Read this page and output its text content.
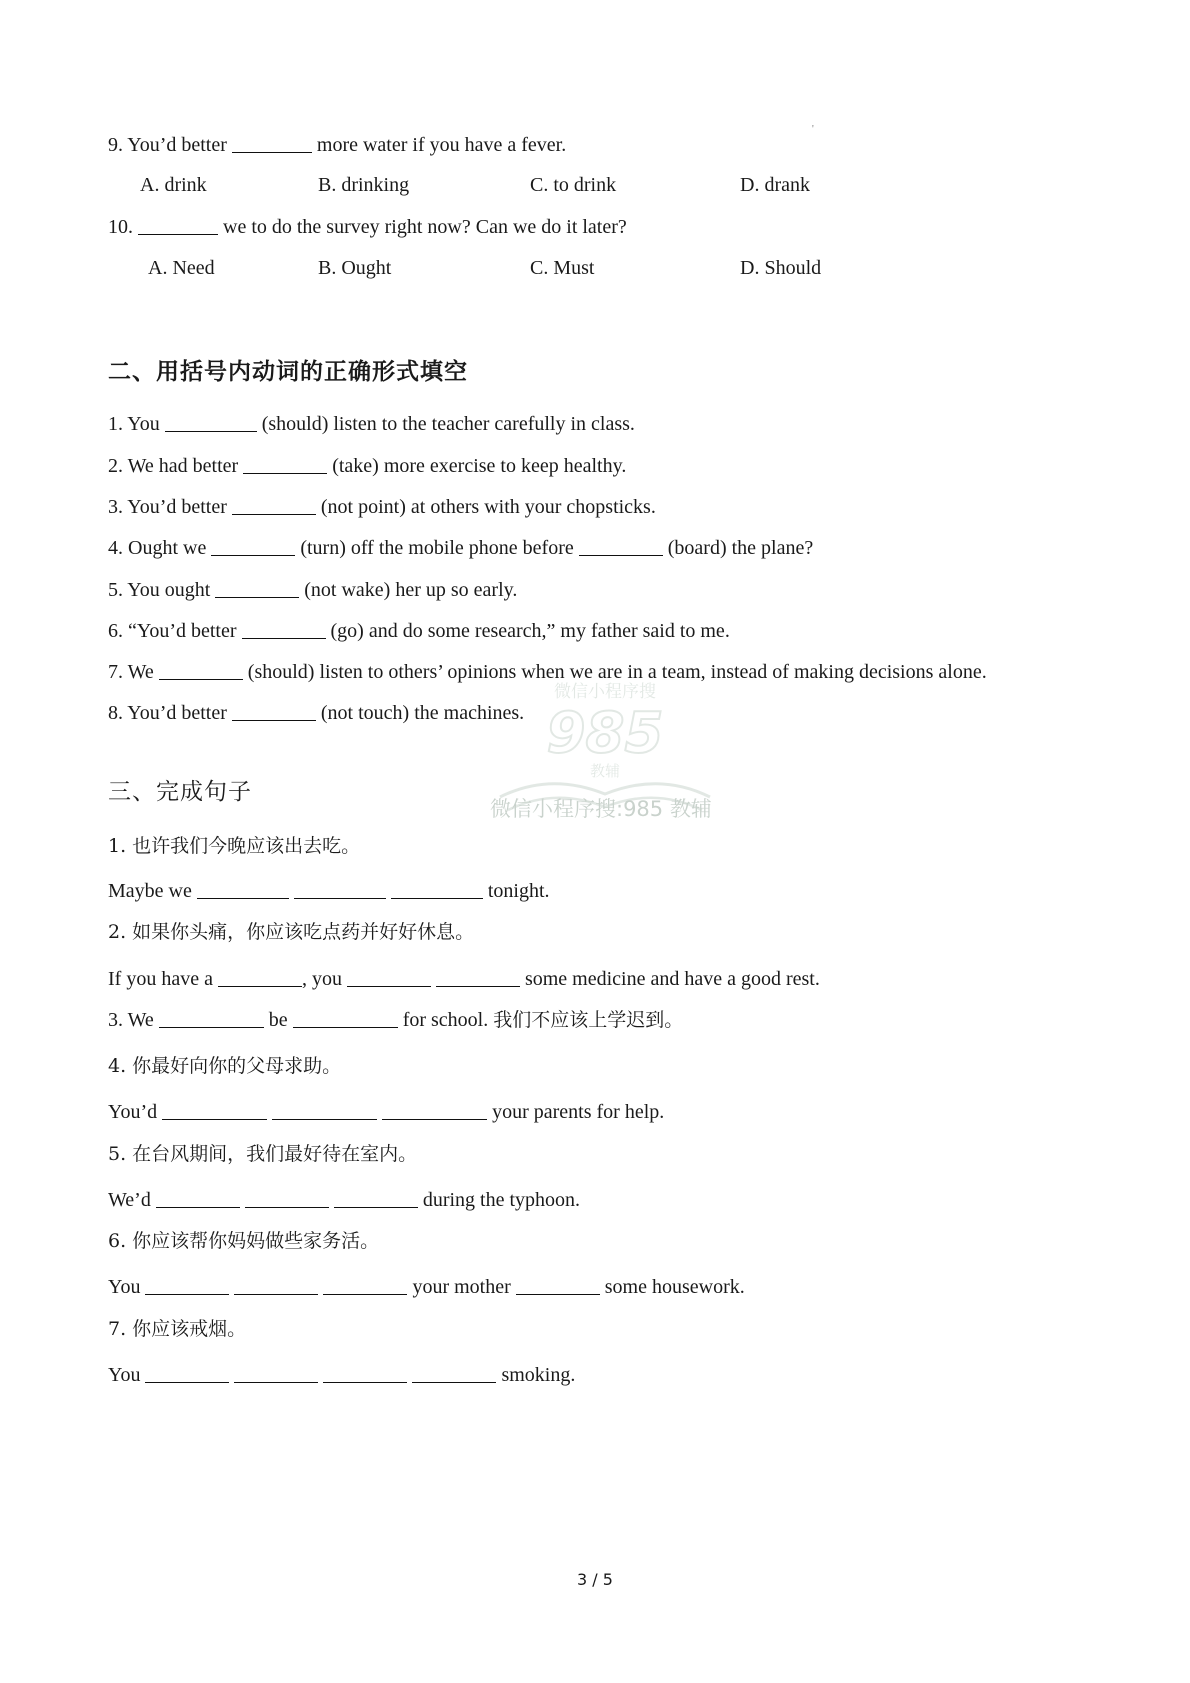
'
9. You’d better	more water if you have a fever.
A. drink	B. drinking	C. to drink	D. drank
10.	we to do the survey right now? Can we do it later?
A. Need	B. Ought	C. Must	D. Should
二、用括号内动词的正确形式填空
1. You	(should) listen to the teacher carefully in class.
2. We had better	(take) more exercise to keep healthy.
3. You’d better	(not point) at others with your chopsticks.
4. Ought we	(turn) off the mobile phone before	(board) the plane?
5. You ought	(not wake) her up so early.
6. “You’d better	(go) and do some research,” my father said to me.
7. We	(should) listen to others’ opinions when we are in a team, instead of making decisions alone.
8. You’d better	(not touch) the machines.
微信小程序搜
985
教辅
微信小程序搜:985 教辅
三、完成句子
1. 也许我们今晚应该出去吃。
Maybe we	tonight.
2. 如果你头痛，你应该吃点药并好好休息。
If you have a	, you	some medicine and have a good rest.
3. We	be	for school. 我们不应该上学迟到。
4. 你最好向你的父母求助。
You’d	your parents for help.
5. 在台风期间，我们最好待在室内。
We’d	during the typhoon.
6. 你应该帮你妈妈做些家务活。
You	your mother	some housework.
7. 你应该戒烟。
You	smoking.
3 / 5
